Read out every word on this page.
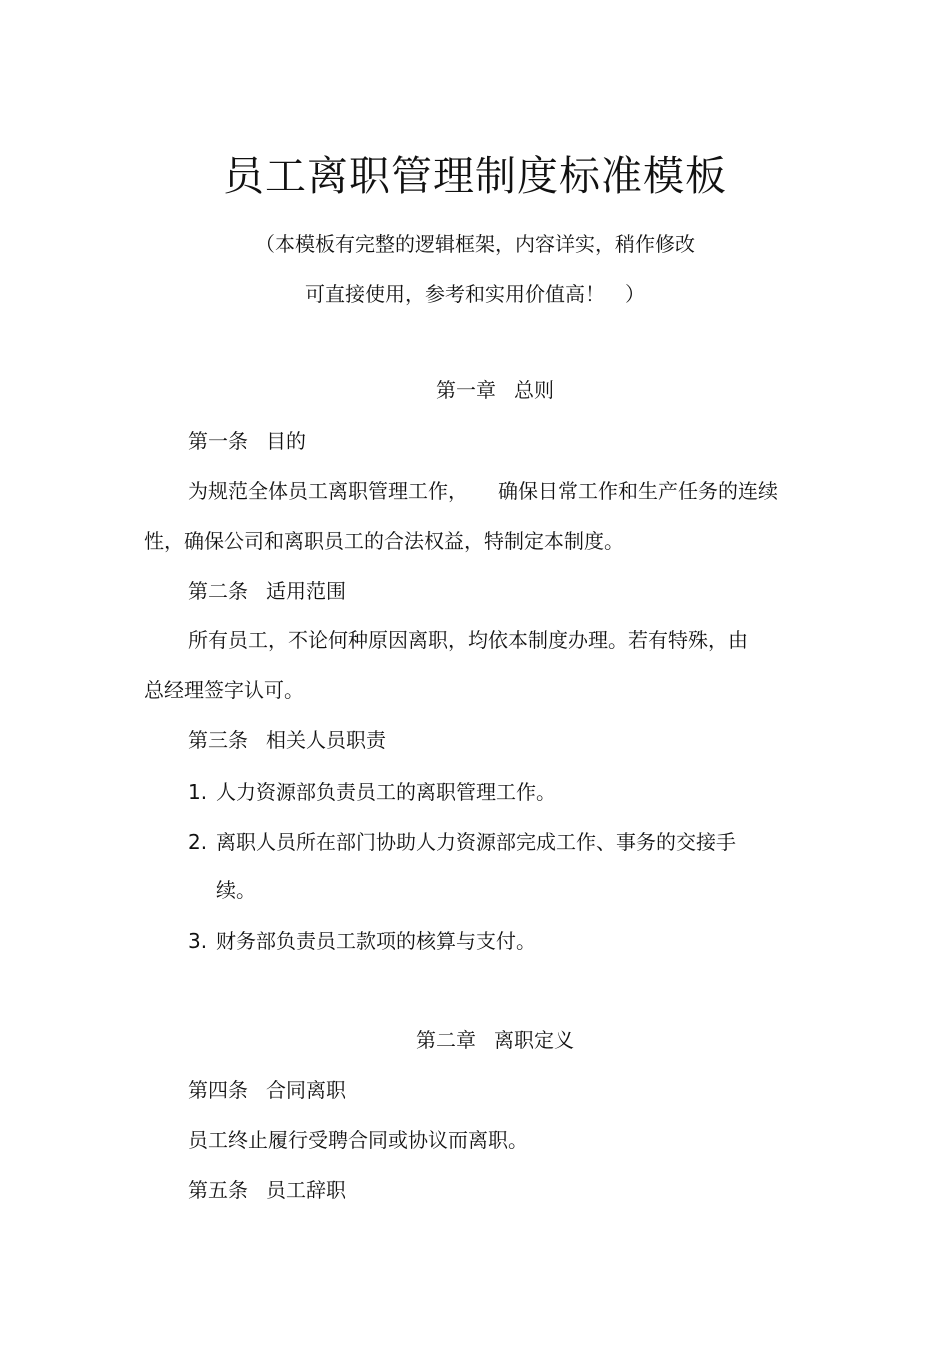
员工离职管理制度标准模板
（本模板有完整的逻辑框架，内容详实，稍作修改
可直接使用，参考和实用价值高！　）
第一章 总则
第一条 目的
为规范全体员工离职管理工作， 确保日常工作和生产任务的连续
性，确保公司和离职员工的合法权益，特制定本制度。
第二条 适用范围
所有员工，不论何种原因离职，均依本制度办理。若有特殊，由
总经理签字认可。
第三条 相关人员职责
1. 人力资源部负责员工的离职管理工作。
2. 离职人员所在部门协助人力资源部完成工作、事务的交接手
续。
3. 财务部负责员工款项的核算与支付。
第二章 离职定义
第四条 合同离职
员工终止履行受聘合同或协议而离职。
第五条 员工辞职
